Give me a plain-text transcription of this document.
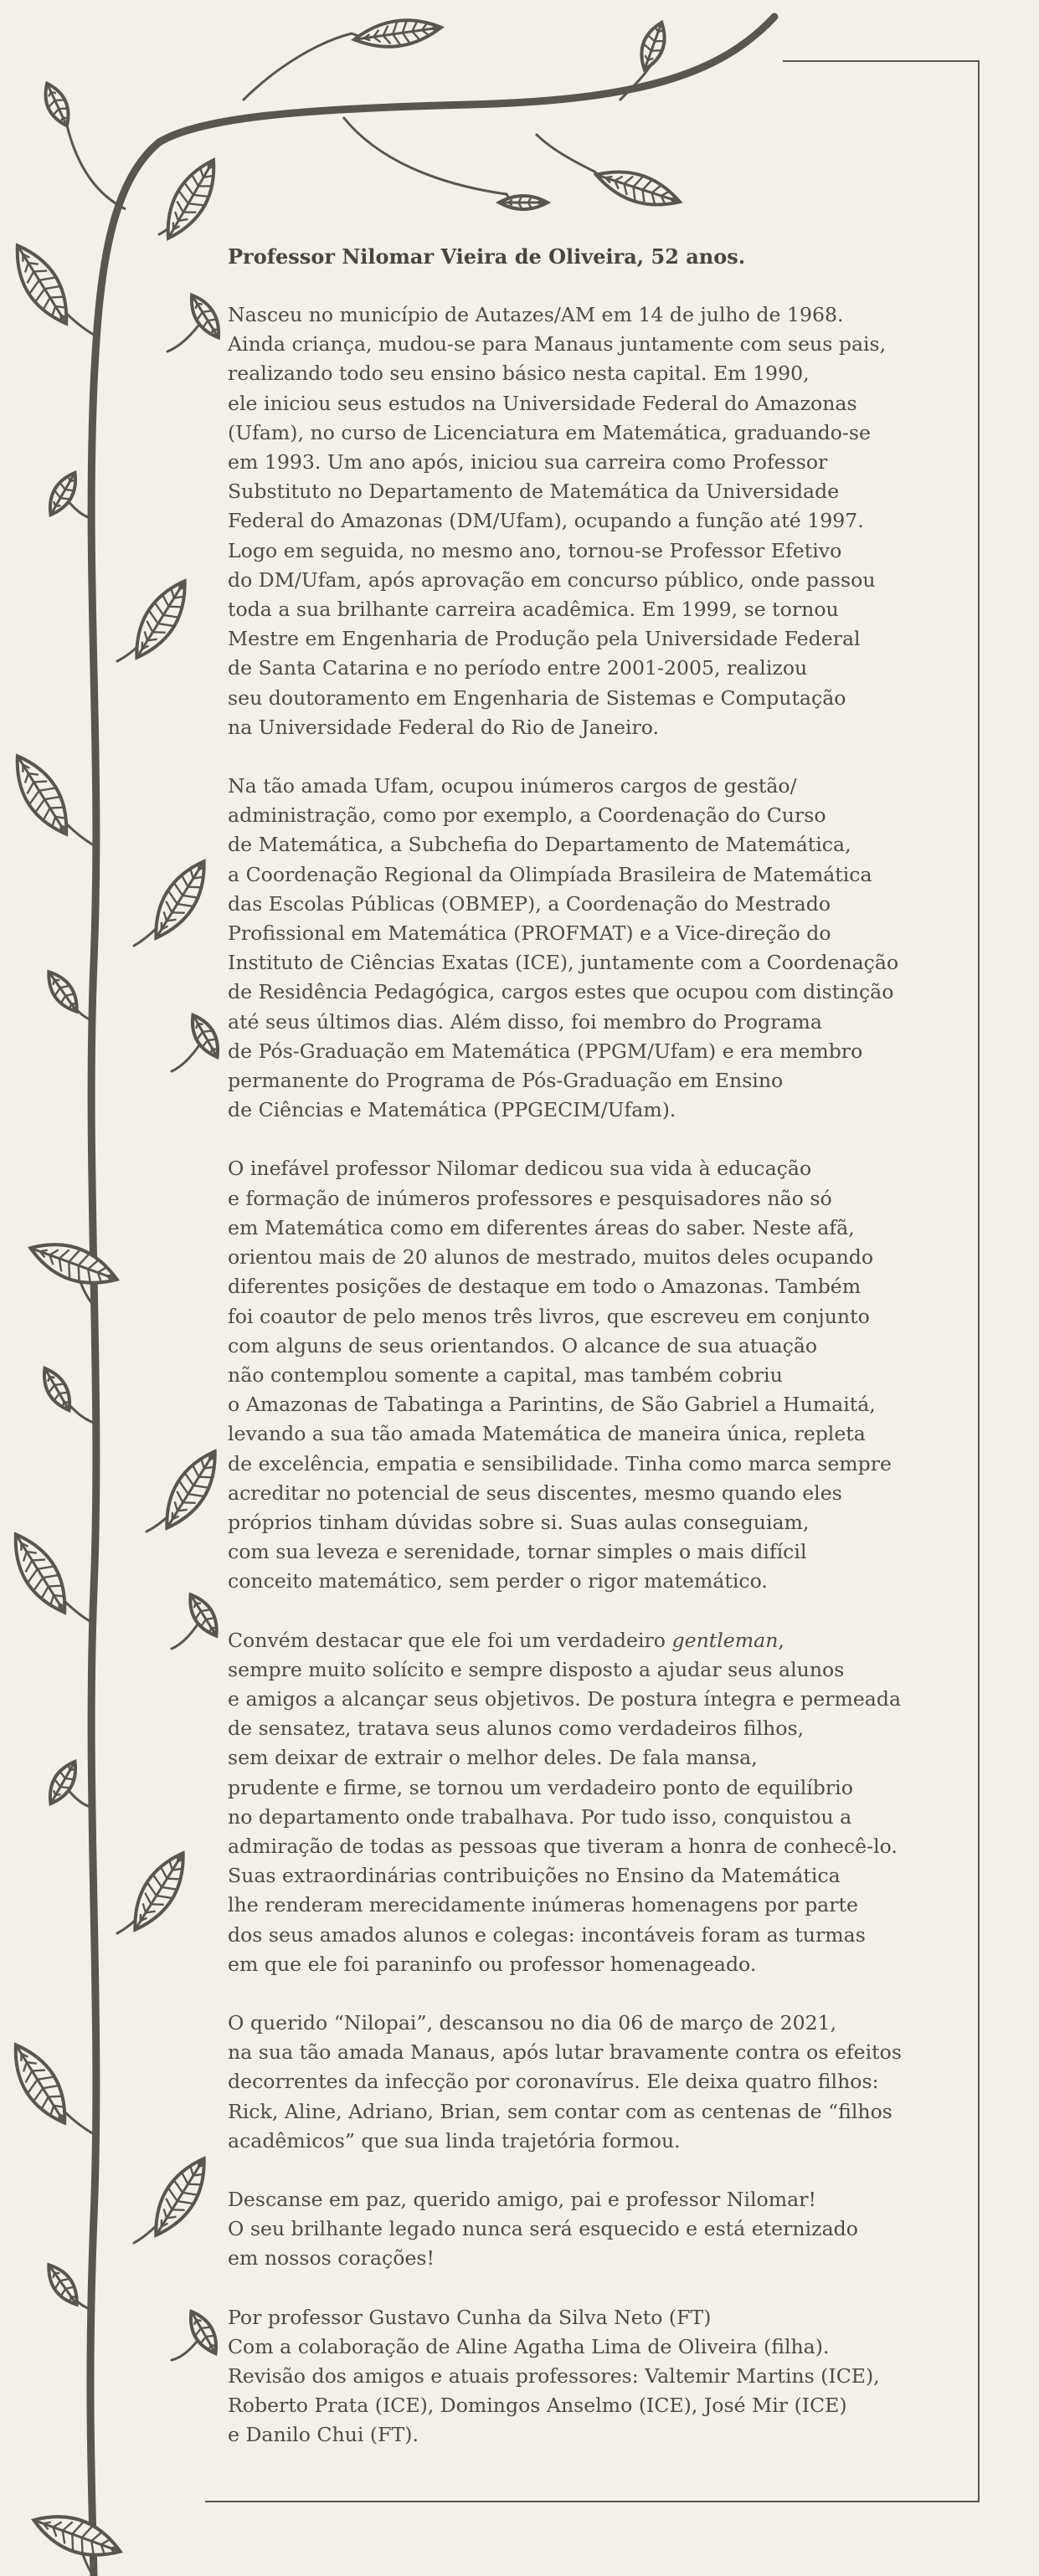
Professor Nilomar Vieira de Oliveira, 52 anos.
Nasceu no município de Autazes/AM em 14 de julho de 1968.
Ainda criança, mudou-se para Manaus juntamente com seus pais,
realizando todo seu ensino básico nesta capital. Em 1990,
ele iniciou seus estudos na Universidade Federal do Amazonas
(Ufam), no curso de Licenciatura em Matemática, graduando-se
em 1993. Um ano após, iniciou sua carreira como Professor
Substituto no Departamento de Matemática da Universidade
Federal do Amazonas (DM/Ufam), ocupando a função até 1997.
Logo em seguida, no mesmo ano, tornou-se Professor Efetivo
do DM/Ufam, após aprovação em concurso público, onde passou
toda a sua brilhante carreira acadêmica. Em 1999, se tornou
Mestre em Engenharia de Produção pela Universidade Federal
de Santa Catarina e no período entre 2001-2005, realizou
seu doutoramento em Engenharia de Sistemas e Computação
na Universidade Federal do Rio de Janeiro.
Na tão amada Ufam, ocupou inúmeros cargos de gestão/
administração, como por exemplo, a Coordenação do Curso
de Matemática, a Subchefia do Departamento de Matemática,
a Coordenação Regional da Olimpíada Brasileira de Matemática
das Escolas Públicas (OBMEP), a Coordenação do Mestrado
Profissional em Matemática (PROFMAT) e a Vice-direção do
Instituto de Ciências Exatas (ICE), juntamente com a Coordenação
de Residência Pedagógica, cargos estes que ocupou com distinção
até seus últimos dias. Além disso, foi membro do Programa
de Pós-Graduação em Matemática (PPGM/Ufam) e era membro
permanente do Programa de Pós-Graduação em Ensino
de Ciências e Matemática (PPGECIM/Ufam).
O inefável professor Nilomar dedicou sua vida à educação
e formação de inúmeros professores e pesquisadores não só
em Matemática como em diferentes áreas do saber. Neste afã,
orientou mais de 20 alunos de mestrado, muitos deles ocupando
diferentes posições de destaque em todo o Amazonas. Também
foi coautor de pelo menos três livros, que escreveu em conjunto
com alguns de seus orientandos. O alcance de sua atuação
não contemplou somente a capital, mas também cobriu
o Amazonas de Tabatinga a Parintins, de São Gabriel a Humaitá,
levando a sua tão amada Matemática de maneira única, repleta
de excelência, empatia e sensibilidade. Tinha como marca sempre
acreditar no potencial de seus discentes, mesmo quando eles
próprios tinham dúvidas sobre si. Suas aulas conseguiam,
com sua leveza e serenidade, tornar simples o mais difícil
conceito matemático, sem perder o rigor matemático.
Convém destacar que ele foi um verdadeiro gentleman,
sempre muito solícito e sempre disposto a ajudar seus alunos
e amigos a alcançar seus objetivos. De postura íntegra e permeada
de sensatez, tratava seus alunos como verdadeiros filhos,
sem deixar de extrair o melhor deles. De fala mansa,
prudente e firme, se tornou um verdadeiro ponto de equilíbrio
no departamento onde trabalhava. Por tudo isso, conquistou a
admiração de todas as pessoas que tiveram a honra de conhecê-lo.
Suas extraordinárias contribuições no Ensino da Matemática
lhe renderam merecidamente inúmeras homenagens por parte
dos seus amados alunos e colegas: incontáveis foram as turmas
em que ele foi paraninfo ou professor homenageado.
O querido “Nilopai”, descansou no dia 06 de março de 2021,
na sua tão amada Manaus, após lutar bravamente contra os efeitos
decorrentes da infecção por coronavírus. Ele deixa quatro filhos:
Rick, Aline, Adriano, Brian, sem contar com as centenas de “filhos
acadêmicos” que sua linda trajetória formou.
Descanse em paz, querido amigo, pai e professor Nilomar!
O seu brilhante legado nunca será esquecido e está eternizado
em nossos corações!
Por professor Gustavo Cunha da Silva Neto (FT)
Com a colaboração de Aline Agatha Lima de Oliveira (filha).
Revisão dos amigos e atuais professores: Valtemir Martins (ICE),
Roberto Prata (ICE), Domingos Anselmo (ICE), José Mir (ICE)
e Danilo Chui (FT).
